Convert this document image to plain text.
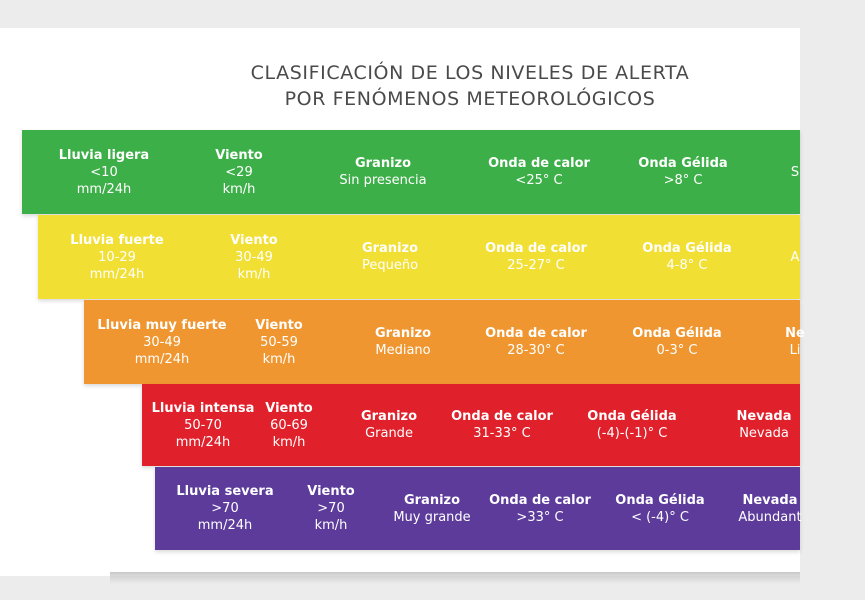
CLASIFICACIÓN DE LOS NIVELES DE ALERTA
POR FENÓMENOS METEOROLÓGICOS
Lluvia ligera
<10
mm/24h
Viento
<29
km/h
Granizo
Sin presencia
Onda de calor
<25° C
Onda Gélida
>8° C
S
Lluvia fuerte
10-29
mm/24h
Viento
30-49
km/h
Granizo
Pequeño
Onda de calor
25-27° C
Onda Gélida
4-8° C
A
Lluvia muy fuerte
30-49
mm/24h
Viento
50-59
km/h
Granizo
Mediano
Onda de calor
28-30° C
Onda Gélida
0-3° C
Ne
Li
Lluvia intensa
50-70
mm/24h
Viento
60-69
km/h
Granizo
Grande
Onda de calor
31-33° C
Onda Gélida
(-4)-(-1)° C
Nevada
Nevada
Lluvia severa
>70
mm/24h
Viento
>70
km/h
Granizo
Muy grande
Onda de calor
>33° C
Onda Gélida
< (-4)° C
Nevada
Abundant
